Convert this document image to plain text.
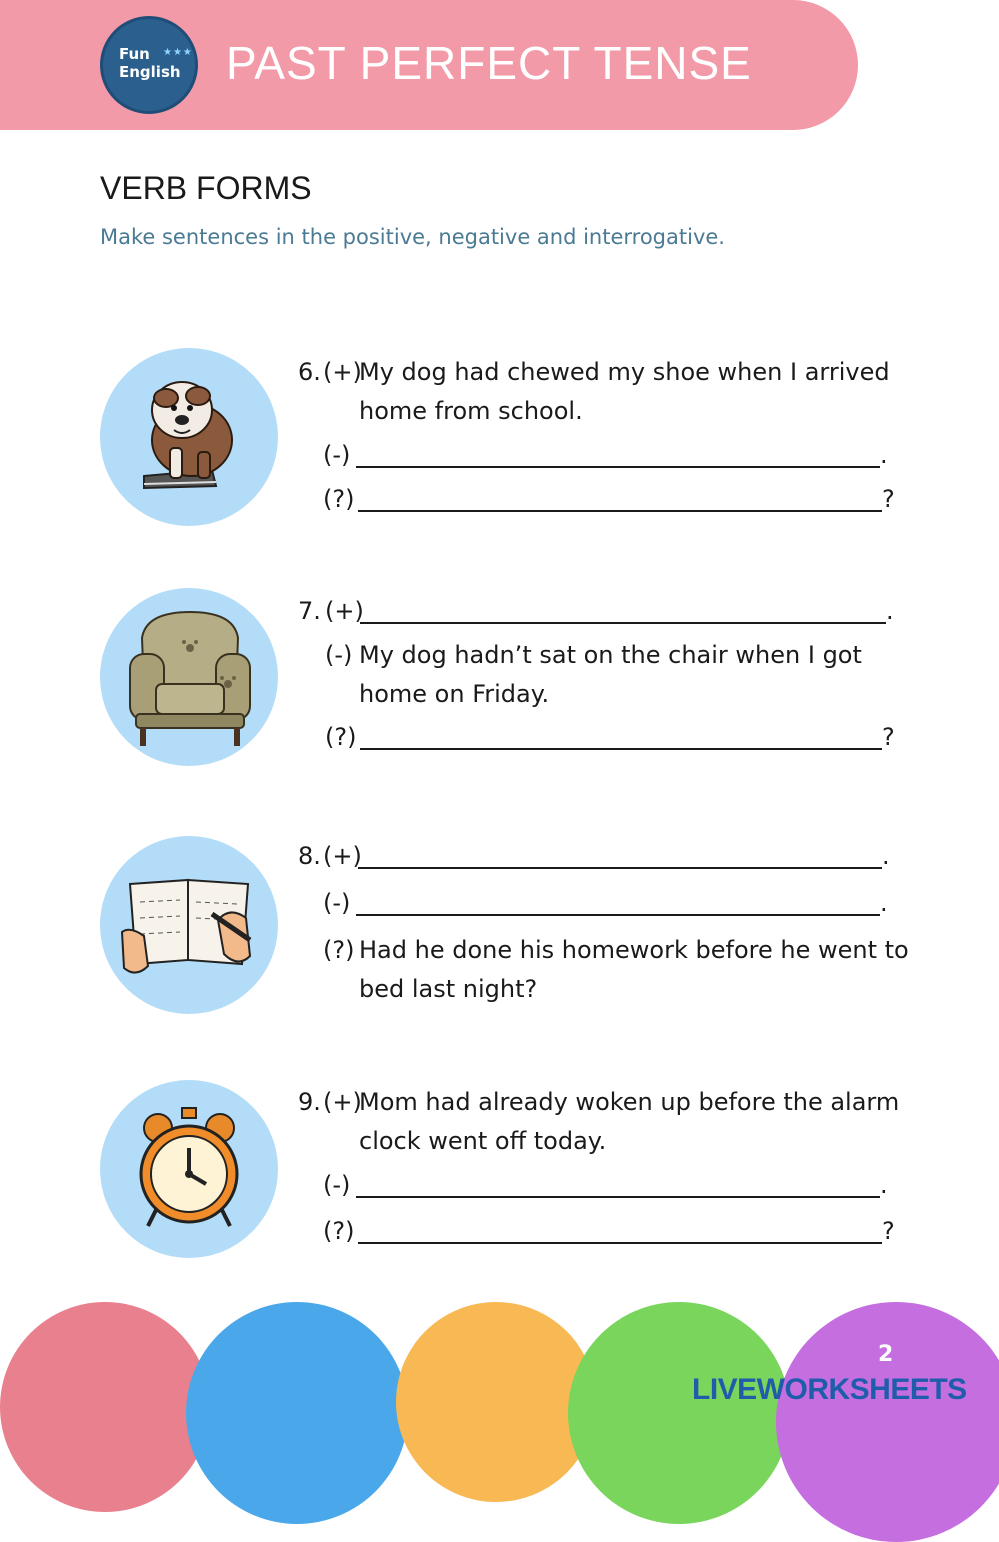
Fun
English
★★★ PAST PERFECT TENSE
VERB FORMS
Make sentences in the positive, negative and interrogative.
6. (+)
My dog had chewed my shoe when I arrived home from school.
(-)	.
(?)	?
7. (+)	.
(-) My dog hadn’t sat on the chair when I got home on Friday.
(?)	?
8. (+)	.
(-)	.
(?) Had he done his homework before he went to bed last night?
9. (+)
Mom had already woken up before the alarm clock went off today.
(-)	.
(?)	?
2
LIVEWORKSHEETS
